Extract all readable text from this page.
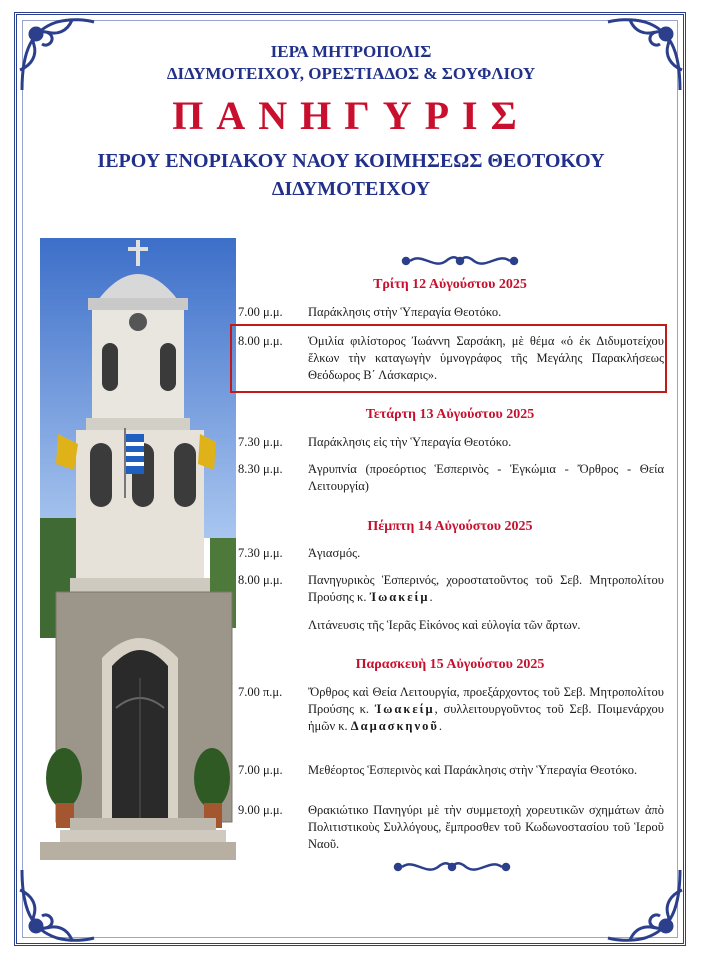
ΙΕΡΑ ΜΗΤΡΟΠΟΛΙΣ
ΔΙΔΥΜΟΤΕΙΧΟΥ, ΟΡΕΣΤΙΑΔΟΣ & ΣΟΥΦΛΙΟΥ
ΠΑΝΗΓΥΡΙΣ
ΙΕΡΟΥ ΕΝΟΡΙΑΚΟΥ ΝΑΟΥ ΚΟΙΜΗΣΕΩΣ ΘΕΟΤΟΚΟΥ
ΔΙΔΥΜΟΤΕΙΧΟΥ
Τρίτη 12 Αὐγούστου 2025
7.00 μ.μ.	Παράκλησις στὴν Ὑπεραγία Θεοτόκο.
8.00 μ.μ.	Ὁμιλία φιλίστορος Ἰωάννη Σαρσάκη, μὲ θέμα «ὁ ἐκ Διδυμοτείχου ἕλκων τὴν καταγωγὴν ὑμνογράφος τῆς Μεγάλης Παρακλήσεως Θεόδωρος Β΄ Λάσκαρις».
Τετάρτη 13 Αὐγούστου 2025
7.30 μ.μ.	Παράκλησις εἰς τὴν Ὑπεραγία Θεοτόκο.
8.30 μ.μ.	Ἀγρυπνία (προεόρτιος Ἑσπερινὸς - Ἐγκώμια - Ὄρθρος - Θεία Λειτουργία)
Πέμπτη 14 Αὐγούστου 2025
7.30 μ.μ.	Ἁγιασμός.
8.00 μ.μ.	Πανηγυρικὸς Ἑσπερινός, χοροστατοῦντος τοῦ Σεβ. Μητροπολίτου Προύσης κ. Ἰωακείμ.
Λιτάνευσις τῆς Ἱερᾶς Εἰκόνος καὶ εὐλογία τῶν ἄρτων.
Παρασκευὴ 15 Αὐγούστου 2025
7.00 π.μ.	Ὄρθρος καὶ Θεία Λειτουργία, προεξάρχοντος τοῦ Σεβ. Μητροπολίτου Προύσης κ. Ἰωακείμ, συλλειτουργοῦντος τοῦ Σεβ. Ποιμενάρχου ἡμῶν κ. Δαμασκηνοῦ.
7.00 μ.μ.	Μεθέορτος Ἑσπερινὸς καὶ Παράκλησις στὴν Ὑπεραγία Θεοτόκο.
9.00 μ.μ.	Θρακιώτικο Πανηγύρι μὲ τὴν συμμετοχὴ χορευτικῶν σχημάτων ἀπὸ Πολιτιστικοὺς Συλλόγους, ἔμπροσθεν τοῦ Κωδωνοστασίου τοῦ Ἱεροῦ Ναοῦ.
